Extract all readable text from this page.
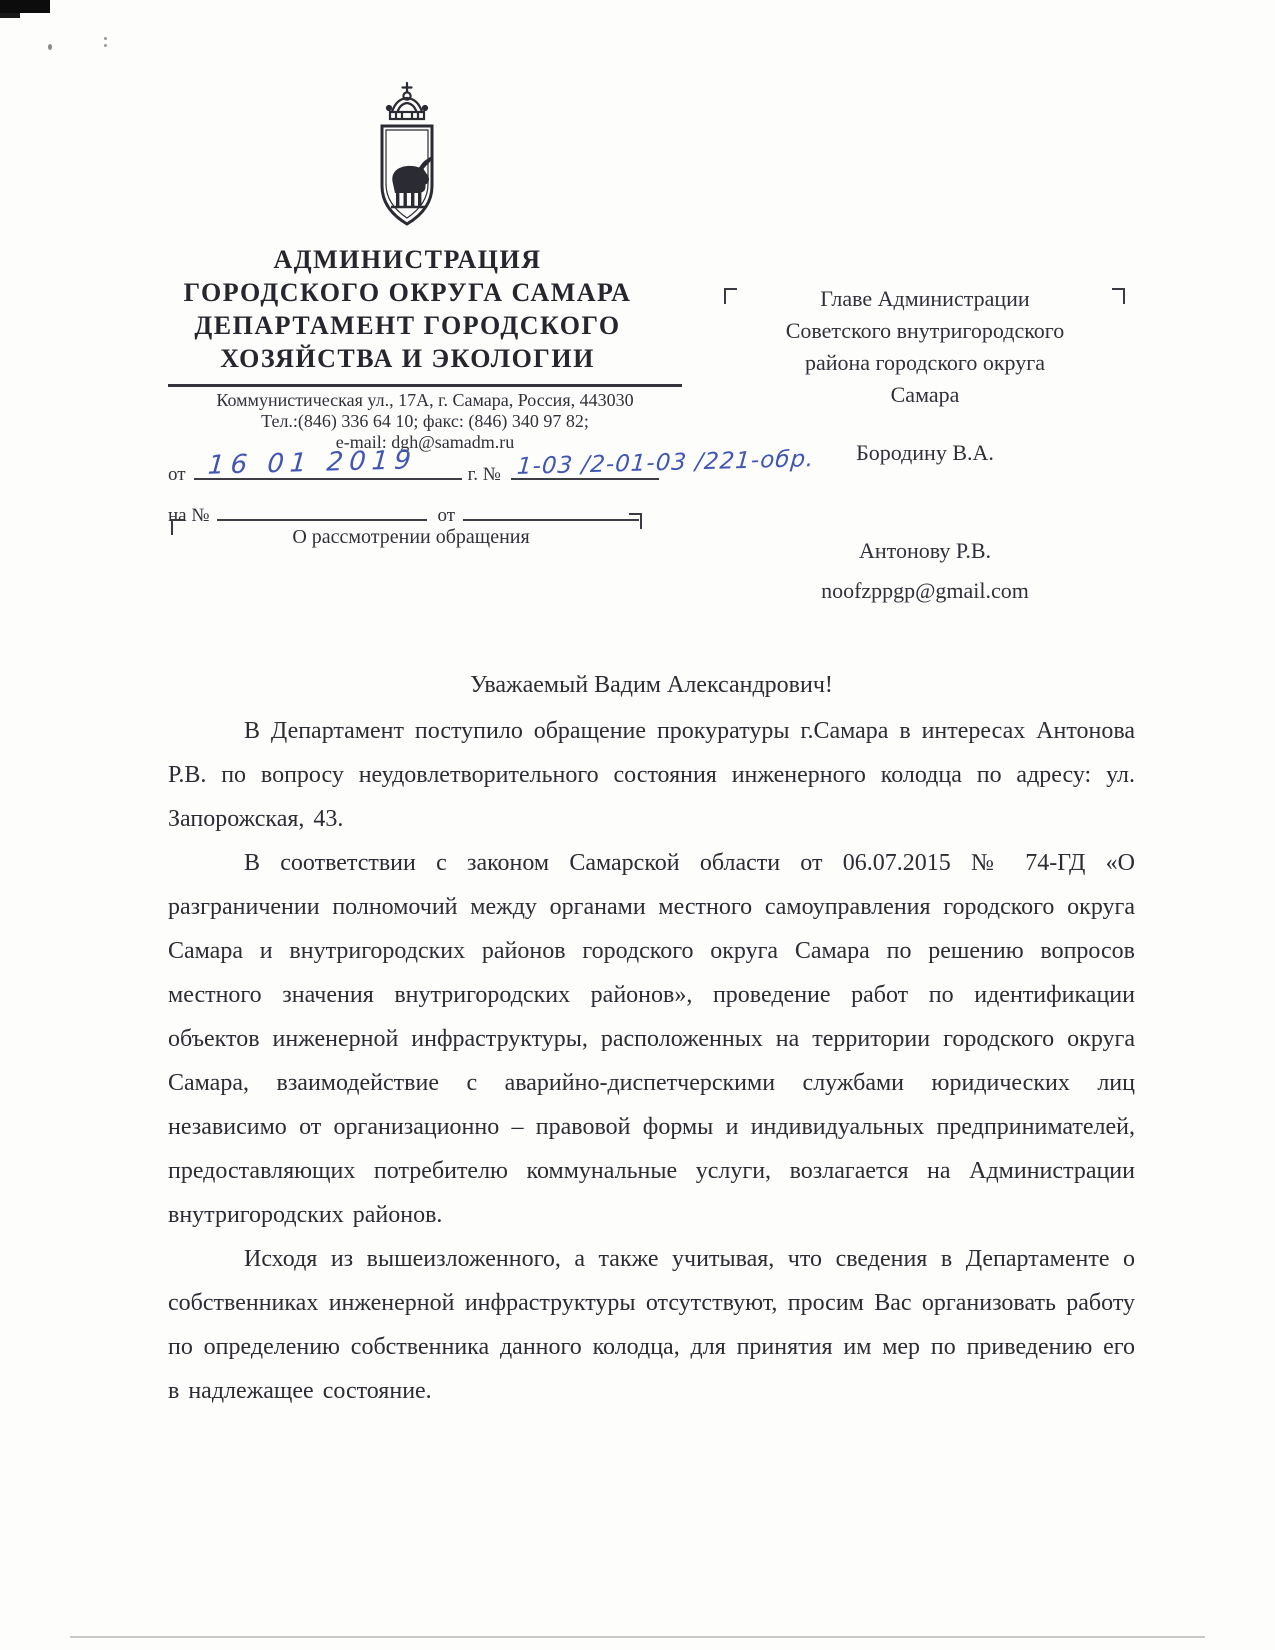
АДМИНИСТРАЦИЯ
ГОРОДСКОГО ОКРУГА САМАРА
ДЕПАРТАМЕНТ ГОРОДСКОГО
ХОЗЯЙСТВА И ЭКОЛОГИИ
Коммунистическая ул., 17А, г. Самара, Россия, 443030
Тел.:(846) 336 64 10; факс: (846) 340 97 82;
e-mail: dgh@samadm.ru
от 16 01 2019	г. № 1-03 /2-01-03 /221-обр.
на №	от
О рассмотрении обращения
Главе Администрации
Советского внутригородского
района городского округа
Самара
Бородину В.А.
Антонову Р.В.
noofzppgp@gmail.com
Уважаемый Вадим Александрович!

В Департамент поступило обращение прокуратуры г.Самара в интересах Антонова Р.В. по вопросу неудовлетворительного состояния инженерного колодца по адресу: ул. Запорожская, 43.

В соответствии с законом Самарской области от 06.07.2015 № 74-ГД «О разграничении полномочий между органами местного самоуправления городского округа Самара и внутригородских районов городского округа Самара по решению вопросов местного значения внутригородских районов», проведение работ по идентификации объектов инженерной инфраструктуры, расположенных на территории городского округа Самара, взаимодействие с аварийно-диспетчерскими службами юридических лиц независимо от организационно – правовой формы и индивидуальных предпринимателей, предоставляющих потребителю коммунальные услуги, возлагается на Администрации внутригородских районов.

Исходя из вышеизложенного, а также учитывая, что сведения в Департаменте о собственниках инженерной инфраструктуры отсутствуют, просим Вас организовать работу по определению собственника данного колодца, для принятия им мер по приведению его в надлежащее состояние.
